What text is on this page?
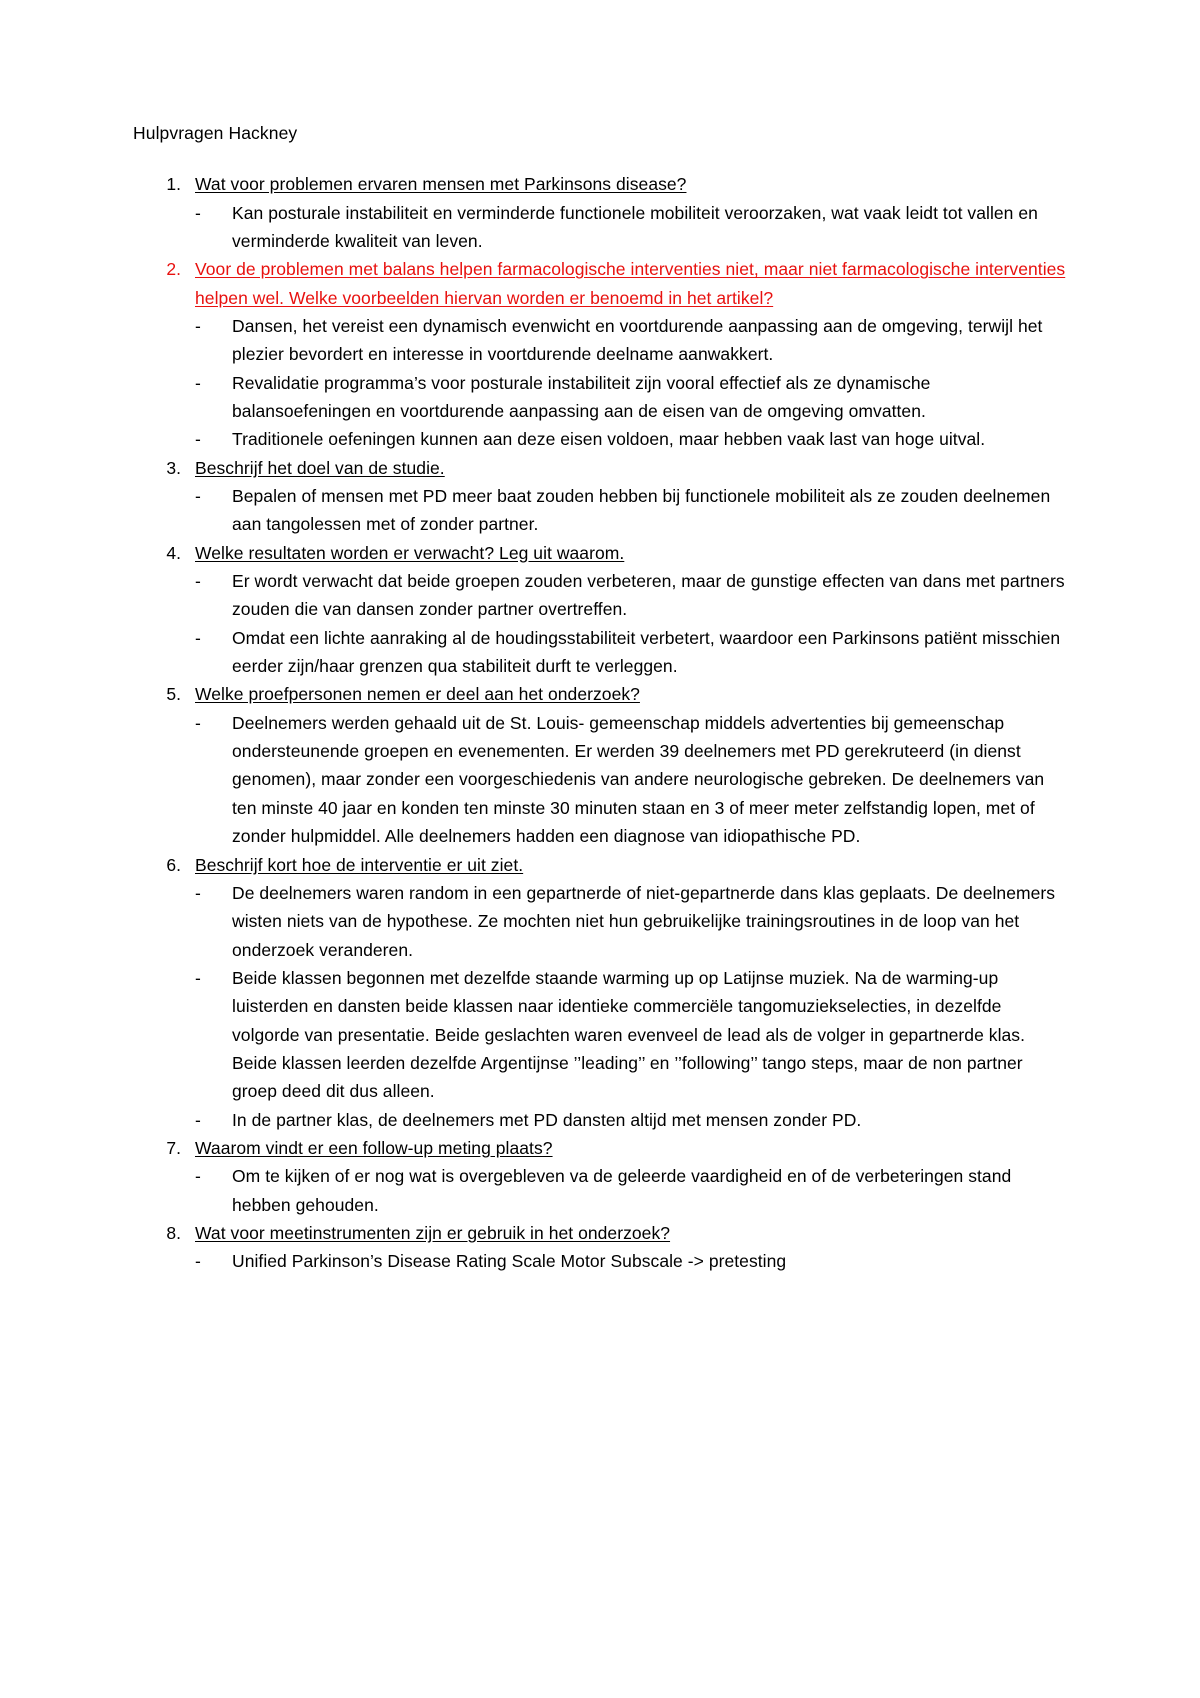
Hulpvragen Hackney
1. Wat voor problemen ervaren mensen met Parkinsons disease?
- Kan posturale instabiliteit en verminderde functionele mobiliteit veroorzaken, wat vaak leidt tot vallen en verminderde kwaliteit van leven.
2. Voor de problemen met balans helpen farmacologische interventies niet, maar niet farmacologische interventies helpen wel. Welke voorbeelden hiervan worden er benoemd in het artikel?
- Dansen, het vereist een dynamisch evenwicht en voortdurende aanpassing aan de omgeving, terwijl het plezier bevordert en interesse in voortdurende deelname aanwakkert.
- Revalidatie programma’s voor posturale instabiliteit zijn vooral effectief als ze dynamische balansoefeningen en voortdurende aanpassing aan de eisen van de omgeving omvatten.
- Traditionele oefeningen kunnen aan deze eisen voldoen, maar hebben vaak last van hoge uitval.
3. Beschrijf het doel van de studie.
- Bepalen of mensen met PD meer baat zouden hebben bij functionele mobiliteit als ze zouden deelnemen aan tangolessen met of zonder partner.
4. Welke resultaten worden er verwacht? Leg uit waarom.
- Er wordt verwacht dat beide groepen zouden verbeteren, maar de gunstige effecten van dans met partners zouden die van dansen zonder partner overtreffen.
- Omdat een lichte aanraking al de houdingsstabiliteit verbetert, waardoor een Parkinsons patiënt misschien eerder zijn/haar grenzen qua stabiliteit durft te verleggen.
5. Welke proefpersonen nemen er deel aan het onderzoek?
- Deelnemers werden gehaald uit de St. Louis- gemeenschap middels advertenties bij gemeenschap ondersteunende groepen en evenementen. Er werden 39 deelnemers met PD gerekruteerd (in dienst genomen), maar zonder een voorgeschiedenis van andere neurologische gebreken. De deelnemers van ten minste 40 jaar en konden ten minste 30 minuten staan en 3 of meer meter zelfstandig lopen, met of zonder hulpmiddel. Alle deelnemers hadden een diagnose van idiopathische PD.
6. Beschrijf kort hoe de interventie er uit ziet.
- De deelnemers waren random in een gepartnerde of niet-gepartnerde dans klas geplaats. De deelnemers wisten niets van de hypothese. Ze mochten niet hun gebruikelijke trainingsroutines in de loop van het onderzoek veranderen.
- Beide klassen begonnen met dezelfde staande warming up op Latijnse muziek. Na de warming-up luisterden en dansten beide klassen naar identieke commerciële tangomuziekselecties, in dezelfde volgorde van presentatie. Beide geslachten waren evenveel de lead als de volger in gepartnerde klas. Beide klassen leerden dezelfde Argentijnse ’’leading’’ en ’’following’’ tango steps, maar de non partner groep deed dit dus alleen.
- In de partner klas, de deelnemers met PD dansten altijd met mensen zonder PD.
7. Waarom vindt er een follow-up meting plaats?
- Om te kijken of er nog wat is overgebleven va de geleerde vaardigheid en of de verbeteringen stand hebben gehouden.
8. Wat voor meetinstrumenten zijn er gebruik in het onderzoek?
- Unified Parkinson’s Disease Rating Scale Motor Subscale -> pretesting
